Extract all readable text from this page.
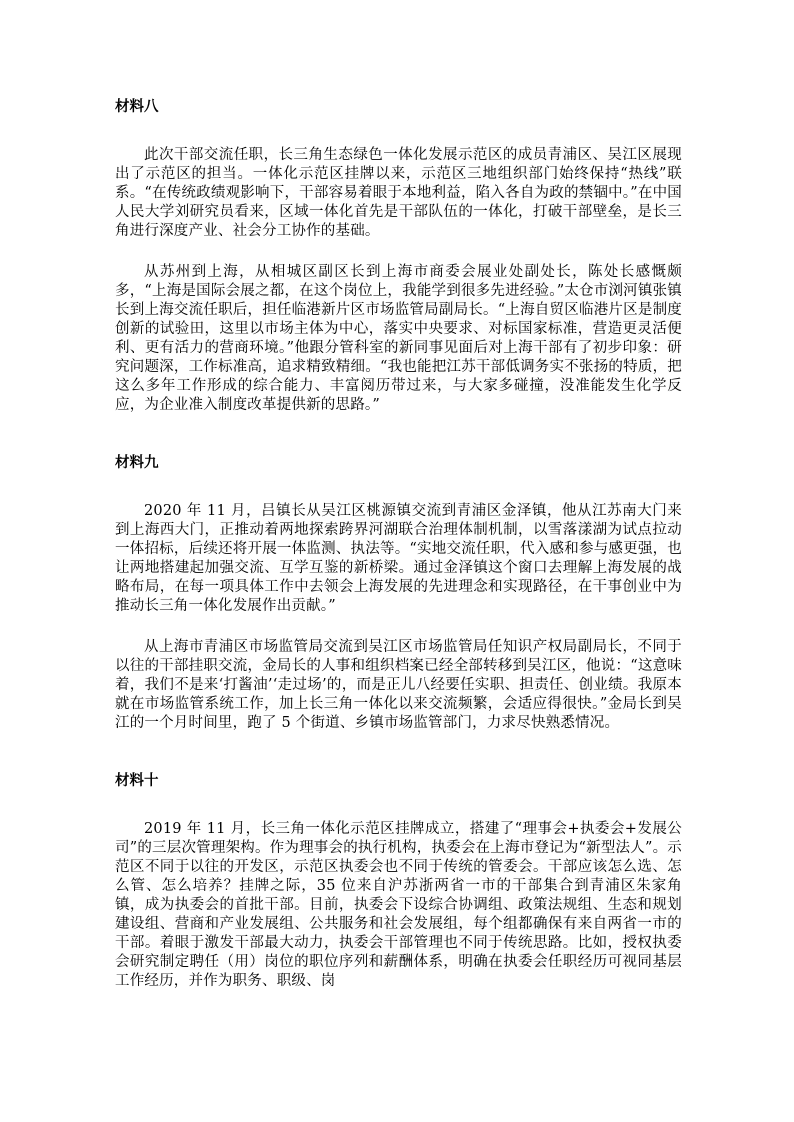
材料八

此次干部交流任职，长三角生态绿色一体化发展示范区的成员青浦区、吴江区展现出了示范区的担当。一体化示范区挂牌以来，示范区三地组织部门始终保持“热线”联系。“在传统政绩观影响下，干部容易着眼于本地利益，陷入各自为政的禁锢中。”在中国人民大学刘研究员看来，区域一体化首先是干部队伍的一体化，打破干部壁垒，是长三角进行深度产业、社会分工协作的基础。

从苏州到上海，从相城区副区长到上海市商委会展业处副处长，陈处长感慨颇多，“上海是国际会展之都，在这个岗位上，我能学到很多先进经验。”太仓市浏河镇张镇长到上海交流任职后，担任临港新片区市场监管局副局长。“上海自贸区临港片区是制度创新的试验田，这里以市场主体为中心，落实中央要求、对标国家标准，营造更灵活便利、更有活力的营商环境。”他跟分管科室的新同事见面后对上海干部有了初步印象：研究问题深，工作标准高，追求精致精细。“我也能把江苏干部低调务实不张扬的特质，把这么多年工作形成的综合能力、丰富阅历带过来，与大家多碰撞，没准能发生化学反应，为企业准入制度改革提供新的思路。”

材料九

2020 年 11 月，吕镇长从吴江区桃源镇交流到青浦区金泽镇，他从江苏南大门来到上海西大门，正推动着两地探索跨界河湖联合治理体制机制，以雪落漾湖为试点拉动一体招标，后续还将开展一体监测、执法等。“实地交流任职，代入感和参与感更强，也让两地搭建起加强交流、互学互鉴的新桥梁。通过金泽镇这个窗口去理解上海发展的战略布局，在每一项具体工作中去领会上海发展的先进理念和实现路径，在干事创业中为推动长三角一体化发展作出贡献。”

从上海市青浦区市场监管局交流到吴江区市场监管局任知识产权局副局长，不同于以往的干部挂职交流，金局长的人事和组织档案已经全部转移到吴江区，他说：“这意味着，我们不是来‘打酱油’‘走过场’的，而是正儿八经要任实职、担责任、创业绩。我原本就在市场监管系统工作，加上长三角一体化以来交流频繁，会适应得很快。”金局长到吴江的一个月时间里，跑了 5 个街道、乡镇市场监管部门，力求尽快熟悉情况。

材料十

2019 年 11 月，长三角一体化示范区挂牌成立，搭建了“理事会+执委会+发展公司”的三层次管理架构。作为理事会的执行机构，执委会在上海市登记为“新型法人”。示范区不同于以往的开发区，示范区执委会也不同于传统的管委会。干部应该怎么选、怎么管、怎么培养？挂牌之际，35 位来自沪苏浙两省一市的干部集合到青浦区朱家角镇，成为执委会的首批干部。目前，执委会下设综合协调组、政策法规组、生态和规划建设组、营商和产业发展组、公共服务和社会发展组，每个组都确保有来自两省一市的干部。着眼于激发干部最大动力，执委会干部管理也不同于传统思路。比如，授权执委会研究制定聘任（用）岗位的职位序列和薪酬体系，明确在执委会任职经历可视同基层工作经历，并作为职务、职级、岗
